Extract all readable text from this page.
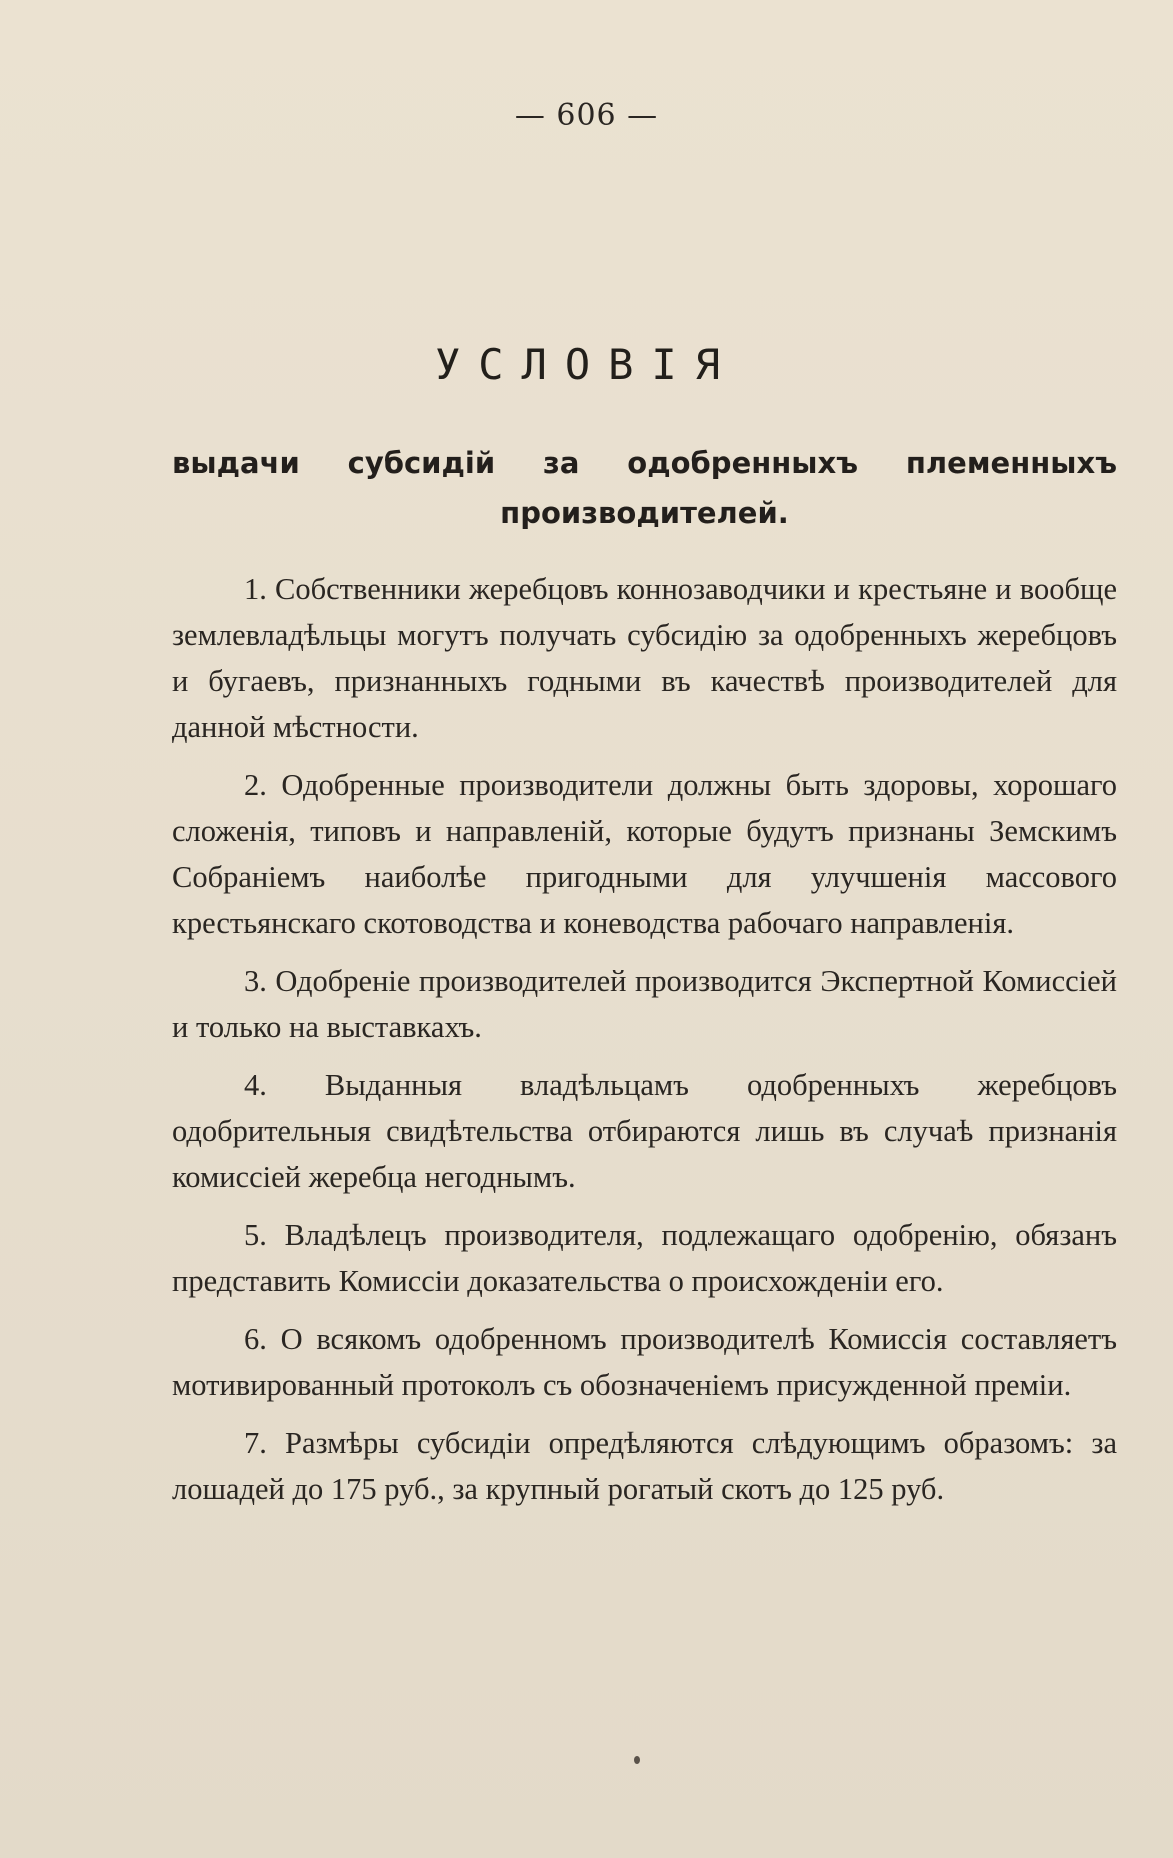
— 606 —
УСЛОВІЯ
выдачи субсидій за одобренныхъ племенныхъ производителей.

1. Собственники жеребцовъ коннозаводчики и крестьяне и вообще землевладѣльцы могутъ получать субсидію за одобренныхъ жеребцовъ и бугаевъ, признанныхъ годными въ качествѣ производителей для данной мѣстности.

2. Одобренные производители должны быть здоровы, хорошаго сложенія, типовъ и направленій, которые будутъ признаны Земскимъ Собраніемъ наиболѣе пригодными для улучшенія массового крестьянскаго скотоводства и коневодства рабочаго направленія.

3. Одобреніе производителей производится Экспертной Комиссіей и только на выставкахъ.

4. Выданныя владѣльцамъ одобренныхъ жеребцовъ одобрительныя свидѣтельства отбираются лишь въ случаѣ признанія комиссіей жеребца негоднымъ.

5. Владѣлецъ производителя, подлежащаго одобренію, обязанъ представить Комиссіи доказательства о происхожденіи его.

6. О всякомъ одобренномъ производителѣ Комиссія составляетъ мотивированный протоколъ съ обозначеніемъ присужденной преміи.

7. Размѣры субсидіи опредѣляются слѣдующимъ образомъ: за лошадей до 175 руб., за крупный рогатый скотъ до 125 руб.
